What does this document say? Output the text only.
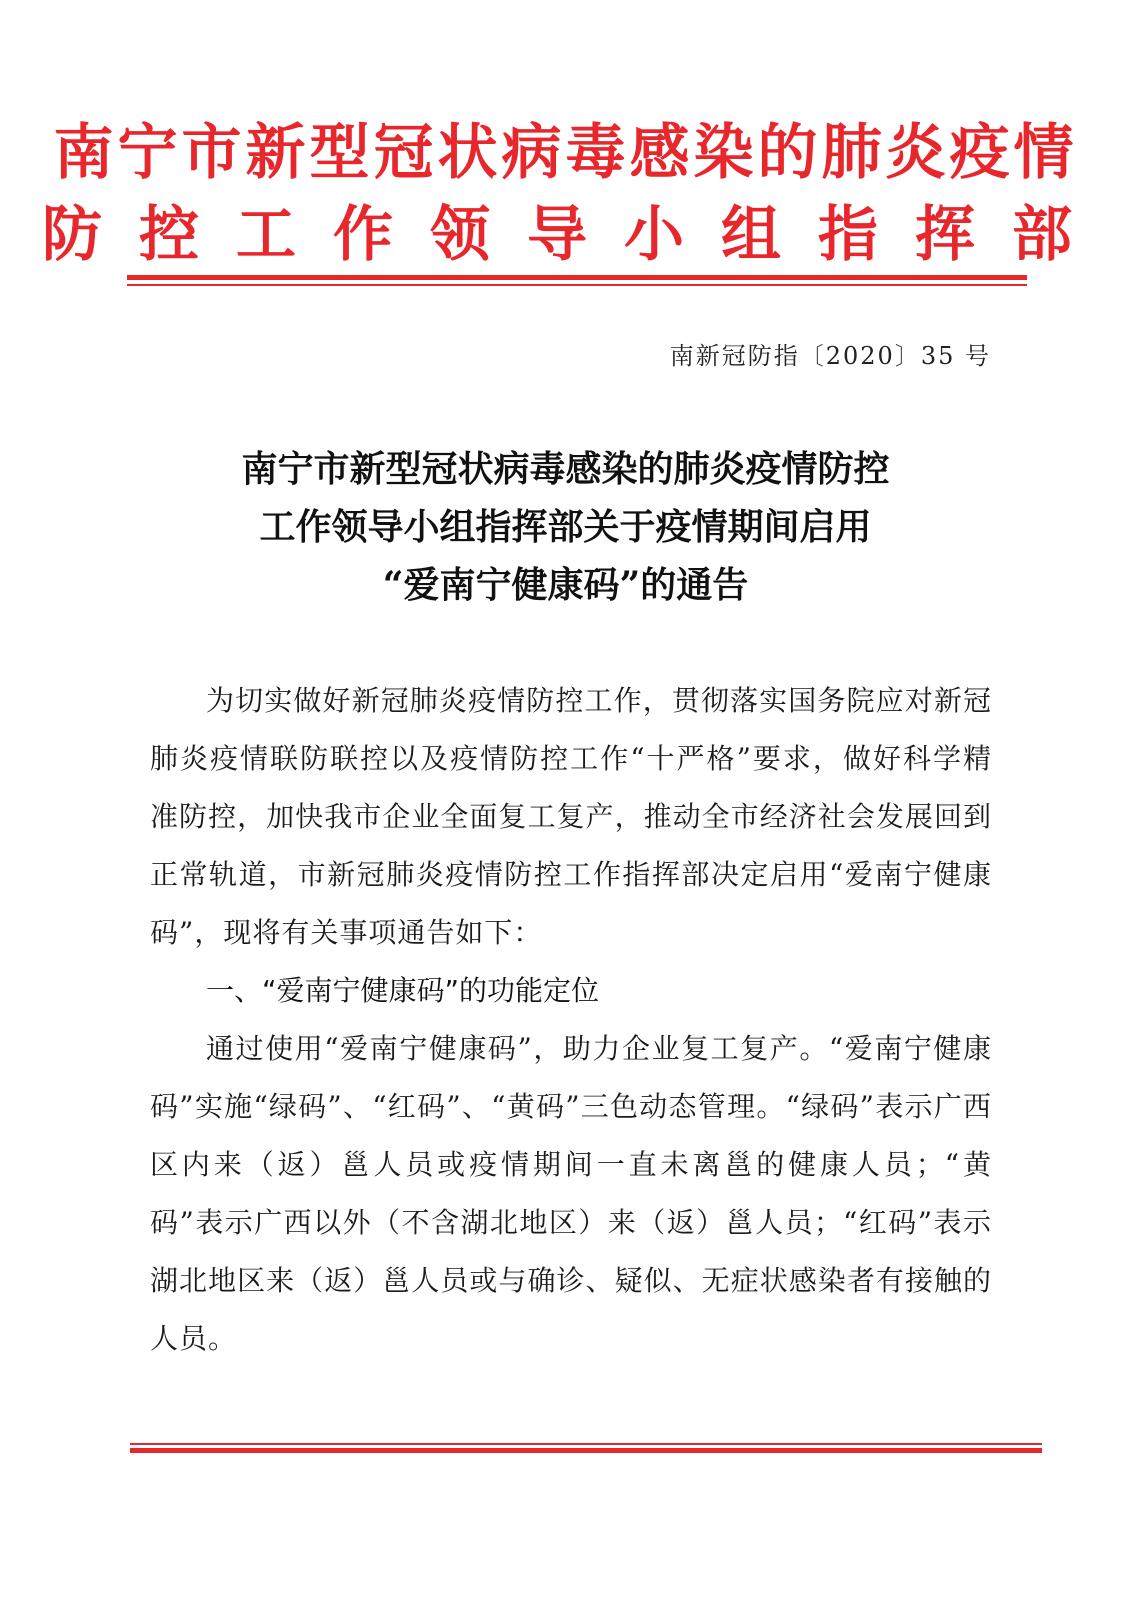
南宁市新型冠状病毒感染的肺炎疫情
防控工作领导小组指挥部
南新冠防指〔2020〕35 号
南宁市新型冠状病毒感染的肺炎疫情防控
工作领导小组指挥部关于疫情期间启用
“爱南宁健康码”的通告

为切实做好新冠肺炎疫情防控工作，贯彻落实国务院应对新冠肺炎疫情联防联控以及疫情防控工作“十严格”要求，做好科学精准防控，加快我市企业全面复工复产，推动全市经济社会发展回到正常轨道，市新冠肺炎疫情防控工作指挥部决定启用“爱南宁健康码”，现将有关事项通告如下：

一、“爱南宁健康码”的功能定位

通过使用“爱南宁健康码”，助力企业复工复产。“爱南宁健康码”实施“绿码”、“红码”、“黄码”三色动态管理。“绿码”表示广西区内来（返）邕人员或疫情期间一直未离邕的健康人员；“黄码”表示广西以外（不含湖北地区）来（返）邕人员；“红码”表示湖北地区来（返）邕人员或与确诊、疑似、无症状感染者有接触的人员。
